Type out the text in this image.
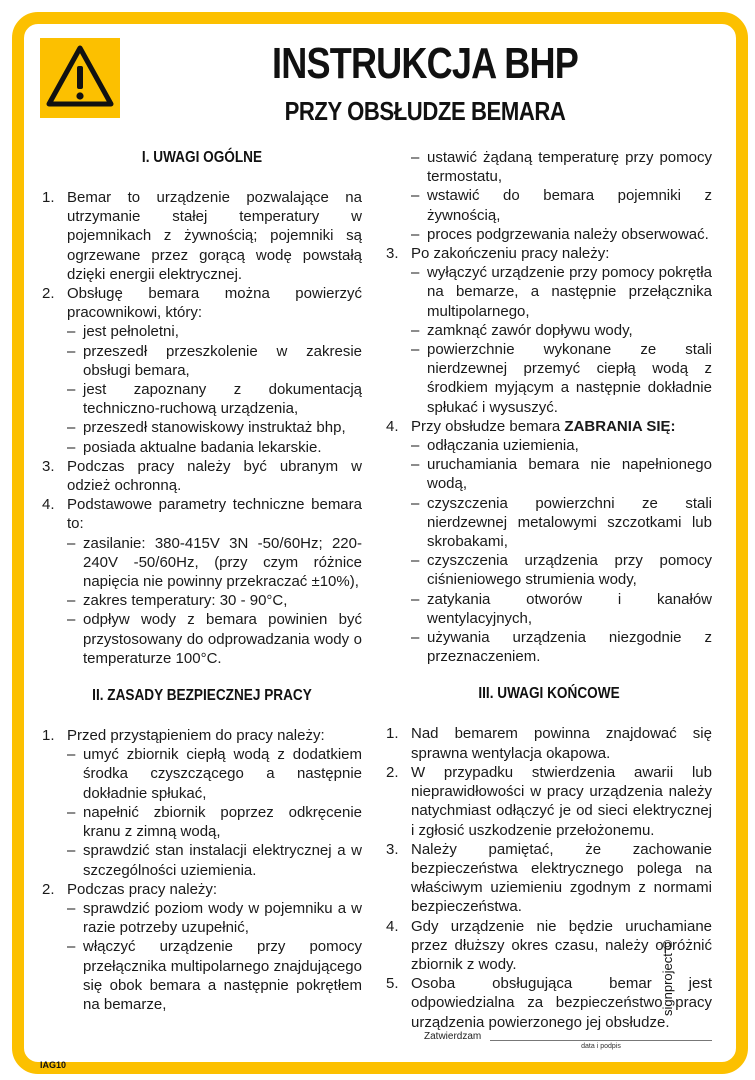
INSTRUKCJA BHP
PRZY OBSŁUDZE BEMARA
I. UWAGI OGÓLNE
1. Bemar to urządzenie pozwalające na utrzymanie stałej temperatury w pojemnikach z żywnością; pojemniki są ogrzewane przez gorącą wodę powstałą dzięki energii elektrycznej.
2. Obsługę bemara można powierzyć pracownikowi, który:
– jest pełnoletni,
– przeszedł przeszkolenie w zakresie obsługi bemara,
– jest zapoznany z dokumentacją techniczno-ruchową urządzenia,
– przeszedł stanowiskowy instruktaż bhp,
– posiada aktualne badania lekarskie.
3. Podczas pracy należy być ubranym w odzież ochronną.
4. Podstawowe parametry techniczne bemara to:
– zasilanie: 380-415V 3N -50/60Hz; 220-240V -50/60Hz, (przy czym różnice napięcia nie powinny przekraczać ±10%),
– zakres temperatury: 30 - 90°C,
– odpływ wody z bemara powinien być przystosowany do odprowadzania wody o temperaturze 100°C.
II. ZASADY BEZPIECZNEJ PRACY
1. Przed przystąpieniem do pracy należy:
– umyć zbiornik ciepłą wodą z dodatkiem środka czyszczącego a następnie dokładnie spłukać,
– napełnić zbiornik poprzez odkręcenie kranu z zimną wodą,
– sprawdzić stan instalacji elektrycznej a w szczególności uziemienia.
2. Podczas pracy należy:
– sprawdzić poziom wody w pojemniku a w razie potrzeby uzupełnić,
– włączyć urządzenie przy pomocy przełącznika multipolarnego znajdującego się obok bemara a następnie pokrętłem na bemarze,
– ustawić żądaną temperaturę przy pomocy termostatu,
– wstawić do bemara pojemniki z żywnością,
– proces podgrzewania należy obserwować.
3. Po zakończeniu pracy należy:
– wyłączyć urządzenie przy pomocy pokrętła na bemarze, a następnie przełącznika multipolarnego,
– zamknąć zawór dopływu wody,
– powierzchnie wykonane ze stali nierdzewnej przemyć ciepłą wodą z środkiem myjącym a następnie dokładnie spłukać i wysuszyć.
4. Przy obsłudze bemara ZABRANIA SIĘ:
– odłączania uziemienia,
– uruchamiania bemara nie napełnionego wodą,
– czyszczenia powierzchni ze stali nierdzewnej metalowymi szczotkami lub skrobakami,
– czyszczenia urządzenia przy pomocy ciśnieniowego strumienia wody,
– zatykania otworów i kanałów wentylacyjnych,
– używania urządzenia niezgodnie z przeznaczeniem.
III. UWAGI KOŃCOWE
1. Nad bemarem powinna znajdować się sprawna wentylacja okapowa.
2. W przypadku stwierdzenia awarii lub nieprawidłowości w pracy urządzenia należy natychmiast odłączyć je od sieci elektrycznej i zgłosić uszkodzenie przełożonemu.
3. Należy pamiętać, że zachowanie bezpieczeństwa elektrycznego polega na właściwym uziemieniu zgodnym z normami bezpieczeństwa.
4. Gdy urządzenie nie będzie uruchamiane przez dłuższy okres czasu, należy opróżnić zbiornik z wody.
5. Osoba obsługująca bemar jest odpowiedzialna za bezpieczeństwo pracy urządzenia powierzonego jej obsłudze.
Zatwierdzam
data i podpis
signproject ©
IAG10
